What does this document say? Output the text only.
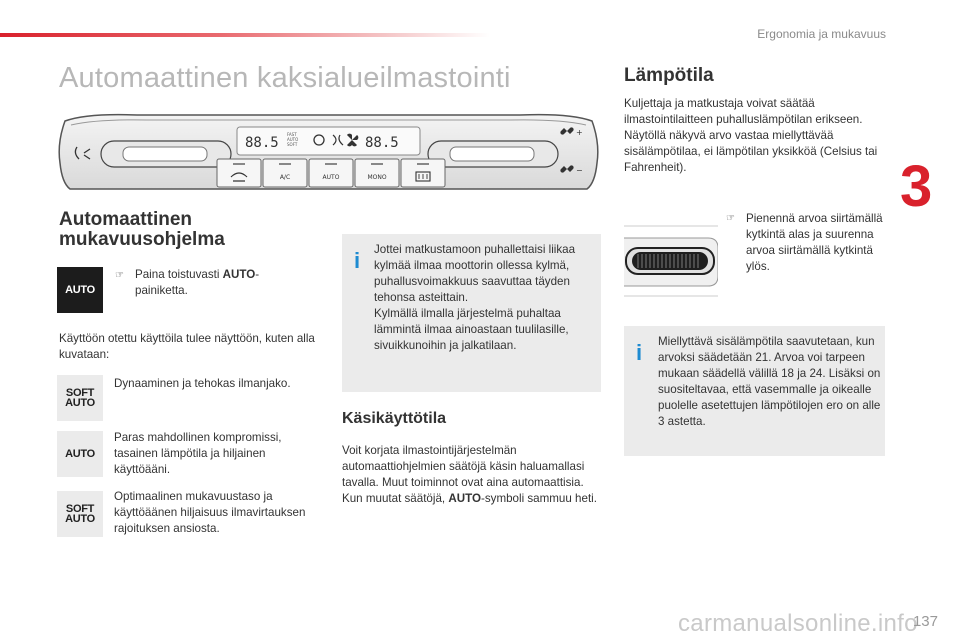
Ergonomia ja mukavuus
3
Automaattinen kaksialueilmastointi
88.5
FAST
AUTO
SOFT	88.5
+
−
A/C	AUTO	MONO
Automaattinen mukavuusohjelma
AUTO
☞ Paina toistuvasti AUTO-painiketta.
Käyttöön otettu käyttöila tulee näyttöön, kuten alla kuvataan:
SOFT
AUTO
Dynaaminen ja tehokas ilmanjako.
AUTO
Paras mahdollinen kompromissi, tasainen lämpötila ja hiljainen käyttöääni.
SOFT
AUTO
Optimaalinen mukavuustaso ja käyttöäänen hiljaisuus ilmavirtauksen rajoituksen ansiosta.
i Jottei matkustamoon puhallettaisi liikaa kylmää ilmaa moottorin ollessa kylmä, puhallusvoimakkuus saavuttaa täyden tehonsa asteittain.

Kylmällä ilmalla järjestelmä puhaltaa lämmintä ilmaa ainoastaan tuulilasille, sivuikkunoihin ja jalkatilaan.

Käsikäyttötila
Voit korjata ilmastointijärjestelmän automaattiohjelmien säätöjä käsin haluamallasi tavalla. Muut toiminnot ovat aina automaattisia. Kun muutat säätöjä, AUTO-symboli sammuu heti.
Lämpötila
Kuljettaja ja matkustaja voivat säätää ilmastointilaitteen puhalluslämpötilan erikseen. Näytöllä näkyvä arvo vastaa miellyttävää sisälämpötilaa, ei lämpötilan yksikköä (Celsius tai Fahrenheit).
☞ Pienennä arvoa siirtämällä kytkintä alas ja suurenna arvoa siirtämällä kytkintä ylös.
i Miellyttävä sisälämpötila saavutetaan, kun arvoksi säädetään 21. Arvoa voi tarpeen mukaan säädellä välillä 18 ja 24. Lisäksi on suositeltavaa, että vasemmalle ja oikealle puolelle asetettujen lämpötilojen ero on alle 3 astetta.
carmanualsonline.info
137
